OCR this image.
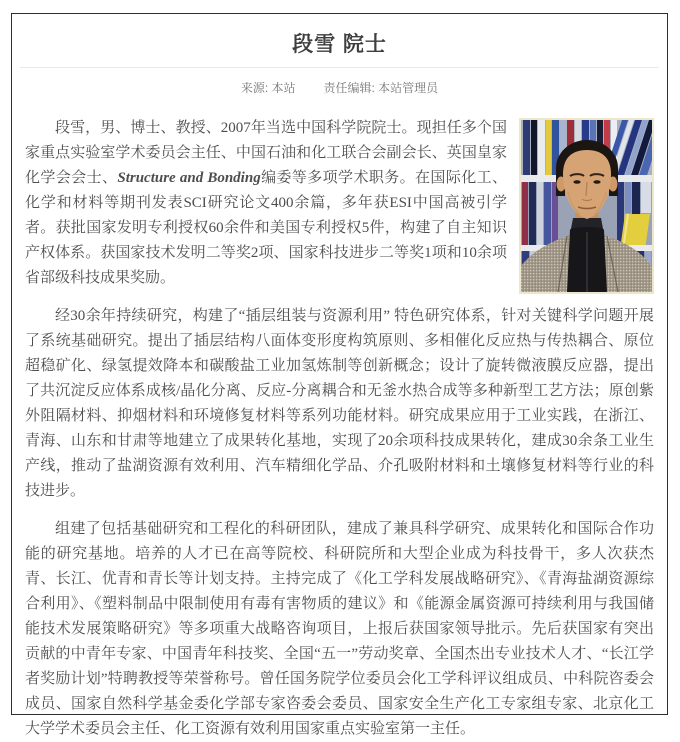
段雪 院士
来源: 本站 责任编辑: 本站管理员

段雪，男、博士、教授、2007年当选中国科学院院士。现担任多个国家重点实验室学术委员会主任、中国石油和化工联合会副会长、英国皇家化学会会士、Structure and Bonding编委等多项学术职务。在国际化工、化学和材料等期刊发表SCI研究论文400余篇，多年获ESI中国高被引学者。获批国家发明专利授权60余件和美国专利授权5件，构建了自主知识产权体系。获国家技术发明二等奖2项、国家科技进步二等奖1项和10余项省部级科技成果奖励。

经30余年持续研究，构建了“插层组装与资源利用” 特色研究体系，针对关键科学问题开展了系统基础研究。提出了插层结构八面体变形度构筑原则、多相催化反应热与传热耦合、原位超稳矿化、绿氢提效降本和碳酸盐工业加氢炼制等创新概念；设计了旋转微液膜反应器，提出了共沉淀反应体系成核/晶化分离、反应-分离耦合和无釜水热合成等多种新型工艺方法；原创紫外阻隔材料、抑烟材料和环境修复材料等系列功能材料。研究成果应用于工业实践，在浙江、青海、山东和甘肃等地建立了成果转化基地，实现了20余项科技成果转化，建成30余条工业生产线，推动了盐湖资源有效利用、汽车精细化学品、介孔吸附材料和土壤修复材料等行业的科技进步。

组建了包括基础研究和工程化的科研团队，建成了兼具科学研究、成果转化和国际合作功能的研究基地。培养的人才已在高等院校、科研院所和大型企业成为科技骨干，多人次获杰青、长江、优青和青长等计划支持。主持完成了《化工学科发展战略研究》、《青海盐湖资源综合利用》、《塑料制品中限制使用有毒有害物质的建议》和《能源金属资源可持续利用与我国储能技术发展策略研究》等多项重大战略咨询项目，上报后获国家领导批示。先后获国家有突出贡献的中青年专家、中国青年科技奖、全国“五一”劳动奖章、全国杰出专业技术人才、“长江学者奖励计划”特聘教授等荣誉称号。曾任国务院学位委员会化工学科评议组成员、中科院咨委会成员、国家自然科学基金委化学部专家咨委会委员、国家安全生产化工专家组专家、北京化工大学学术委员会主任、化工资源有效利用国家重点实验室第一主任。
